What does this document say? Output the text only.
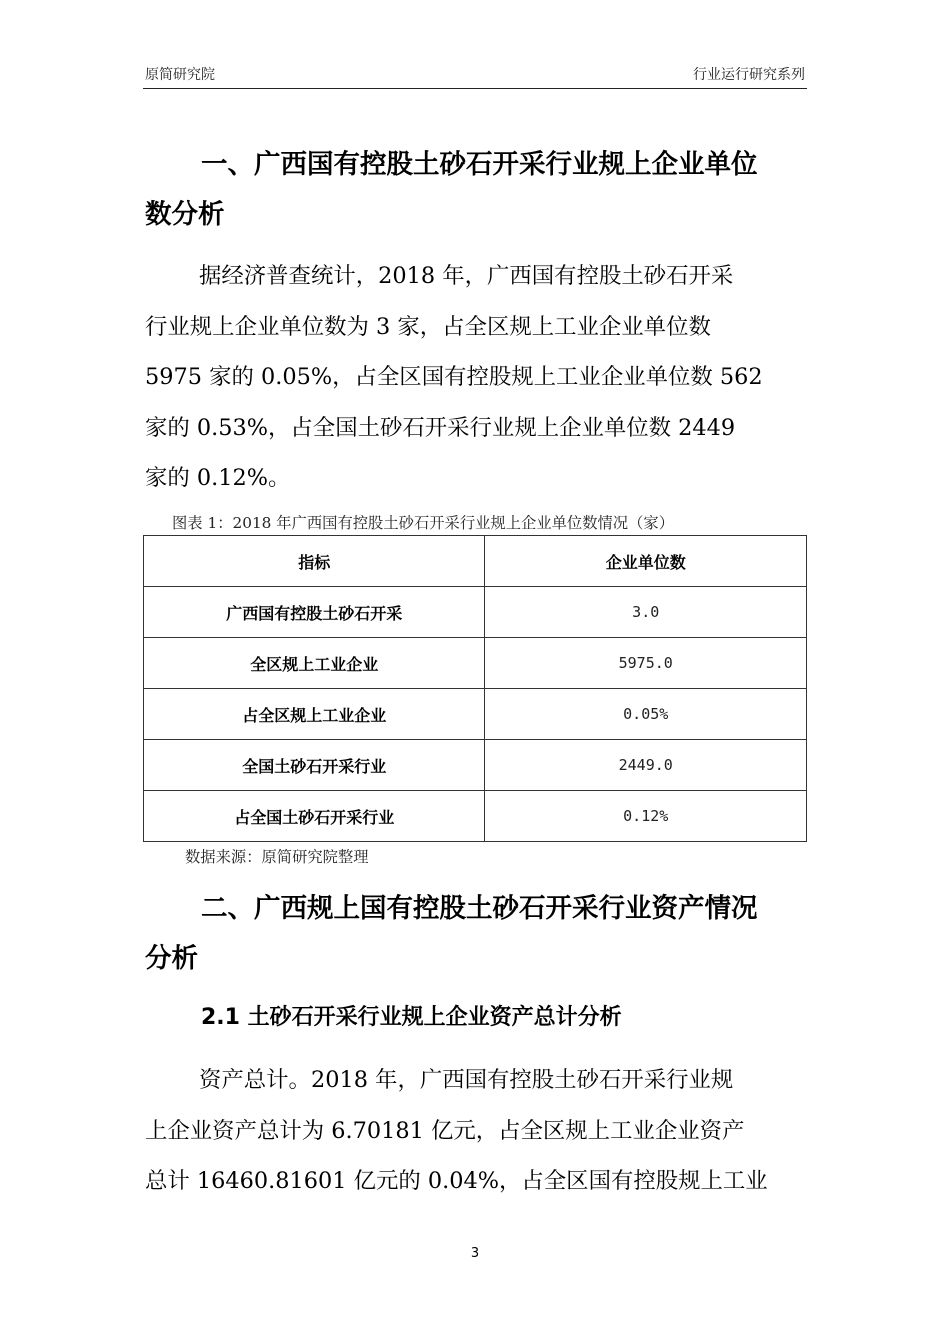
原简研究院	行业运行研究系列
一、广西国有控股土砂石开采行业规上企业单位
数分析
据经济普查统计，2018 年，广西国有控股土砂石开采
行业规上企业单位数为 3 家，占全区规上工业企业单位数
5975 家的 0.05%，占全区国有控股规上工业企业单位数 562
家的 0.53%，占全国土砂石开采行业规上企业单位数 2449
家的 0.12%。
图表 1：2018 年广西国有控股土砂石开采行业规上企业单位数情况（家）
指标	企业单位数
广西国有控股土砂石开采	3.0
全区规上工业企业	5975.0
占全区规上工业企业	0.05%
全国土砂石开采行业	2449.0
占全国土砂石开采行业	0.12%
数据来源：原简研究院整理
二、广西规上国有控股土砂石开采行业资产情况
分析
2.1 土砂石开采行业规上企业资产总计分析
资产总计。2018 年，广西国有控股土砂石开采行业规
上企业资产总计为 6.70181 亿元，占全区规上工业企业资产
总计 16460.81601 亿元的 0.04%，占全区国有控股规上工业
3
